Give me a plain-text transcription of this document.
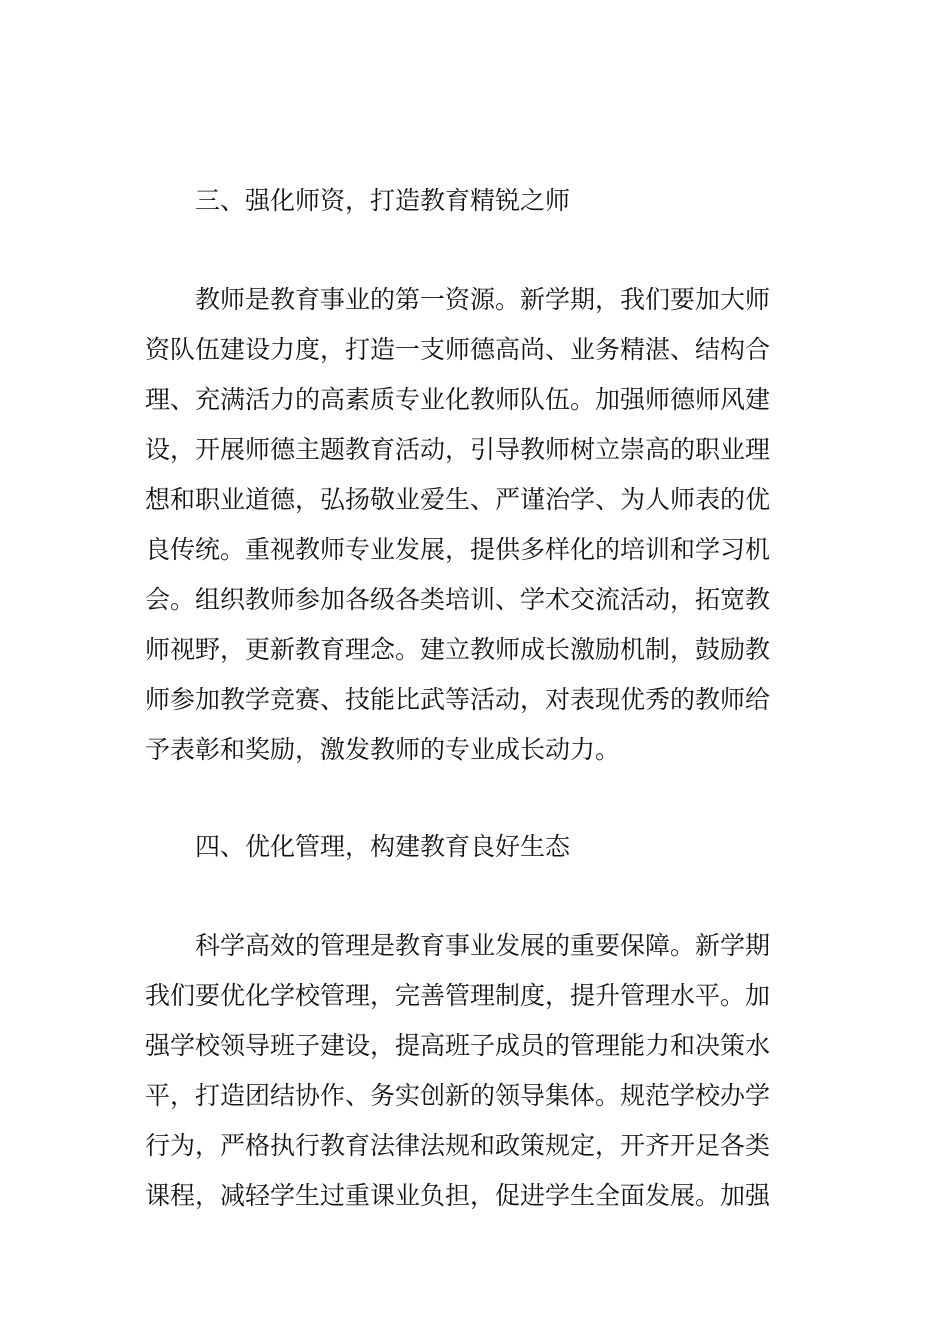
三、强化师资，打造教育精锐之师
教师是教育事业的第一资源。新学期，我们要加大师
资队伍建设力度，打造一支师德高尚、业务精湛、结构合
理、充满活力的高素质专业化教师队伍。加强师德师风建
设，开展师德主题教育活动，引导教师树立崇高的职业理
想和职业道德，弘扬敬业爱生、严谨治学、为人师表的优
良传统。重视教师专业发展，提供多样化的培训和学习机
会。组织教师参加各级各类培训、学术交流活动，拓宽教
师视野，更新教育理念。建立教师成长激励机制，鼓励教
师参加教学竞赛、技能比武等活动，对表现优秀的教师给
予表彰和奖励，激发教师的专业成长动力。
四、优化管理，构建教育良好生态
科学高效的管理是教育事业发展的重要保障。新学期
我们要优化学校管理，完善管理制度，提升管理水平。加
强学校领导班子建设，提高班子成员的管理能力和决策水
平，打造团结协作、务实创新的领导集体。规范学校办学
行为，严格执行教育法律法规和政策规定，开齐开足各类
课程，减轻学生过重课业负担，促进学生全面发展。加强
